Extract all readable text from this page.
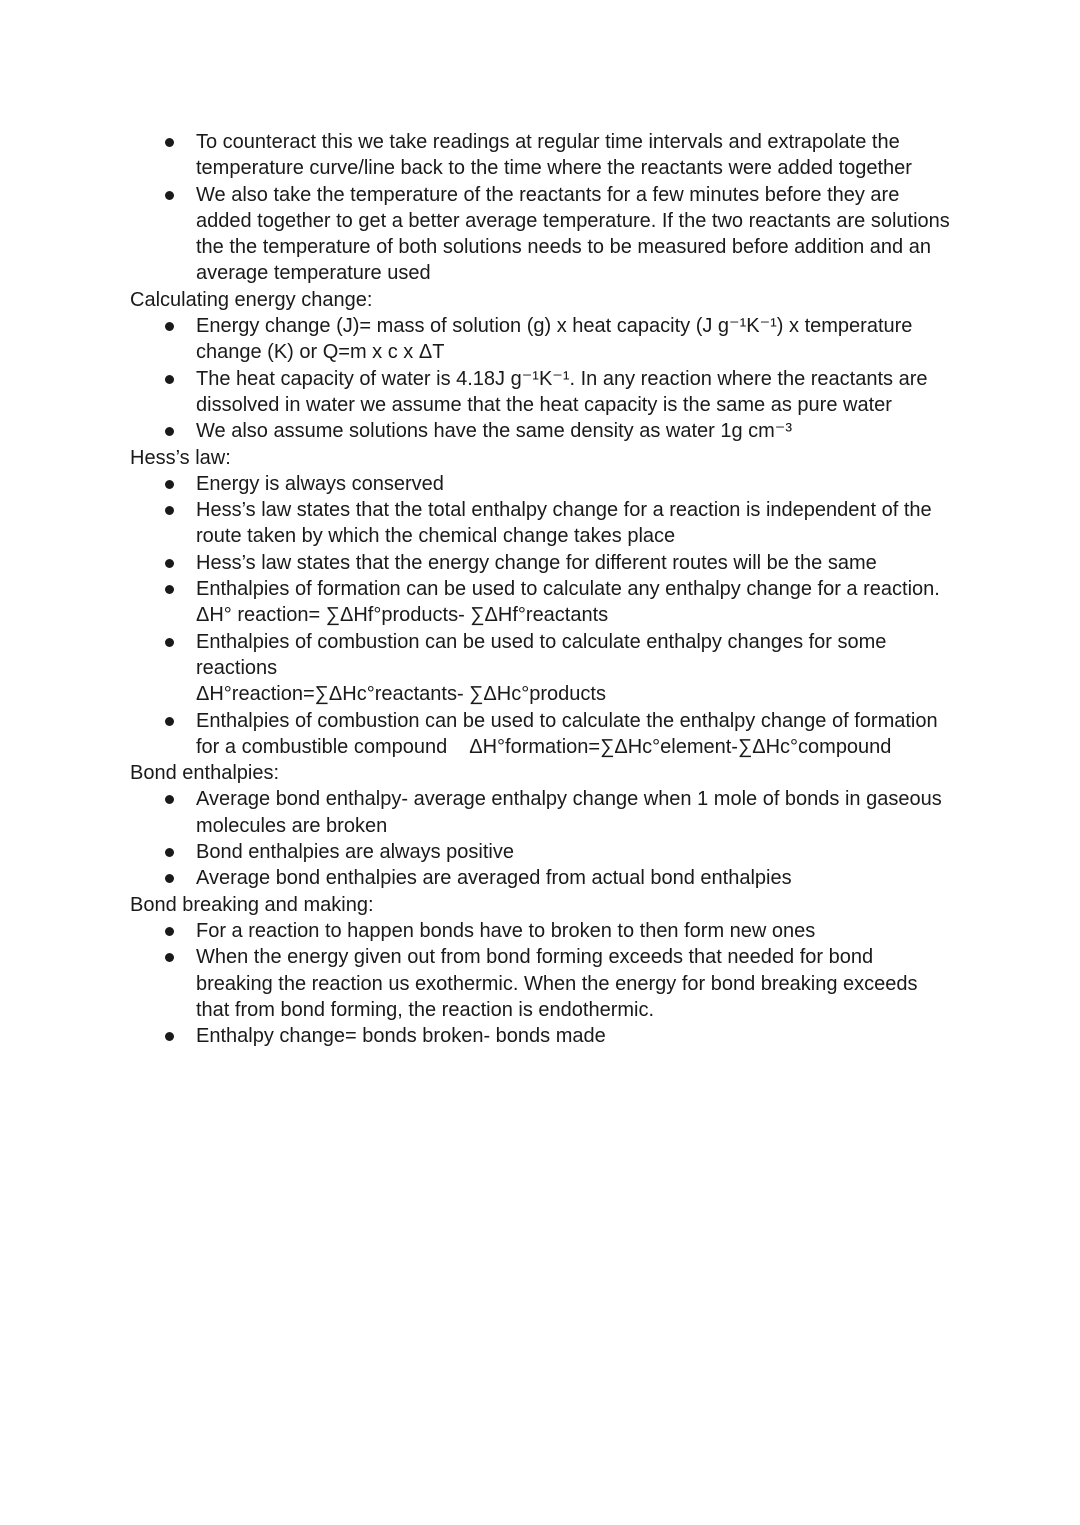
To counteract this we take readings at regular time intervals and extrapolate the
temperature curve/line back to the time where the reactants were added together
We also take the temperature of the reactants for a few minutes before they are
added together to get a better average temperature. If the two reactants are solutions
the the temperature of both solutions needs to be measured before addition and an
average temperature used
Calculating energy change:
Energy change (J)= mass of solution (g) x heat capacity (J g⁻¹K⁻¹) x temperature
change (K) or Q=m x c x ΔT
The heat capacity of water is 4.18J g⁻¹K⁻¹. In any reaction where the reactants are
dissolved in water we assume that the heat capacity is the same as pure water
We also assume solutions have the same density as water 1g cm⁻³
Hess’s law:
Energy is always conserved
Hess’s law states that the total enthalpy change for a reaction is independent of the
route taken by which the chemical change takes place
Hess’s law states that the energy change for different routes will be the same
Enthalpies of formation can be used to calculate any enthalpy change for a reaction.
ΔH° reaction= ∑ΔHf°products- ∑ΔHf°reactants
Enthalpies of combustion can be used to calculate enthalpy changes for some
reactions
ΔH°reaction=∑ΔHc°reactants- ∑ΔHc°products
Enthalpies of combustion can be used to calculate the enthalpy change of formation
for a combustible compound ΔH°formation=∑ΔHc°element-∑ΔHc°compound
Bond enthalpies:
Average bond enthalpy- average enthalpy change when 1 mole of bonds in gaseous
molecules are broken
Bond enthalpies are always positive
Average bond enthalpies are averaged from actual bond enthalpies
Bond breaking and making:
For a reaction to happen bonds have to broken to then form new ones
When the energy given out from bond forming exceeds that needed for bond
breaking the reaction us exothermic. When the energy for bond breaking exceeds
that from bond forming, the reaction is endothermic.
Enthalpy change= bonds broken- bonds made
